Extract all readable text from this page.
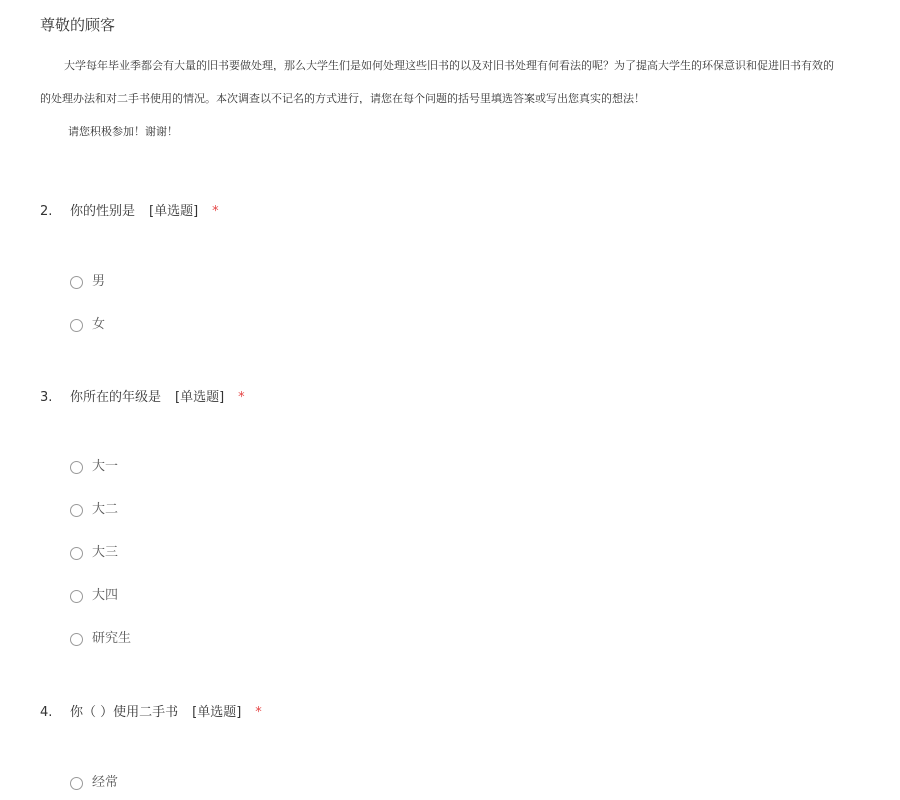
尊敬的顾客
大学每年毕业季都会有大量的旧书要做处理，那么大学生们是如何处理这些旧书的以及对旧书处理有何看法的呢？为了提高大学生的环保意识和促进旧书有效的
的处理办法和对二手书使用的情况。本次调查以不记名的方式进行，请您在每个问题的括号里填选答案或写出您真实的想法！
请您积极参加！谢谢！
2. 你的性别是 [单选题] *
男
女
3. 你所在的年级是 [单选题] *
大一
大二
大三
大四
研究生
4. 你（ ）使用二手书 [单选题] *
经常
